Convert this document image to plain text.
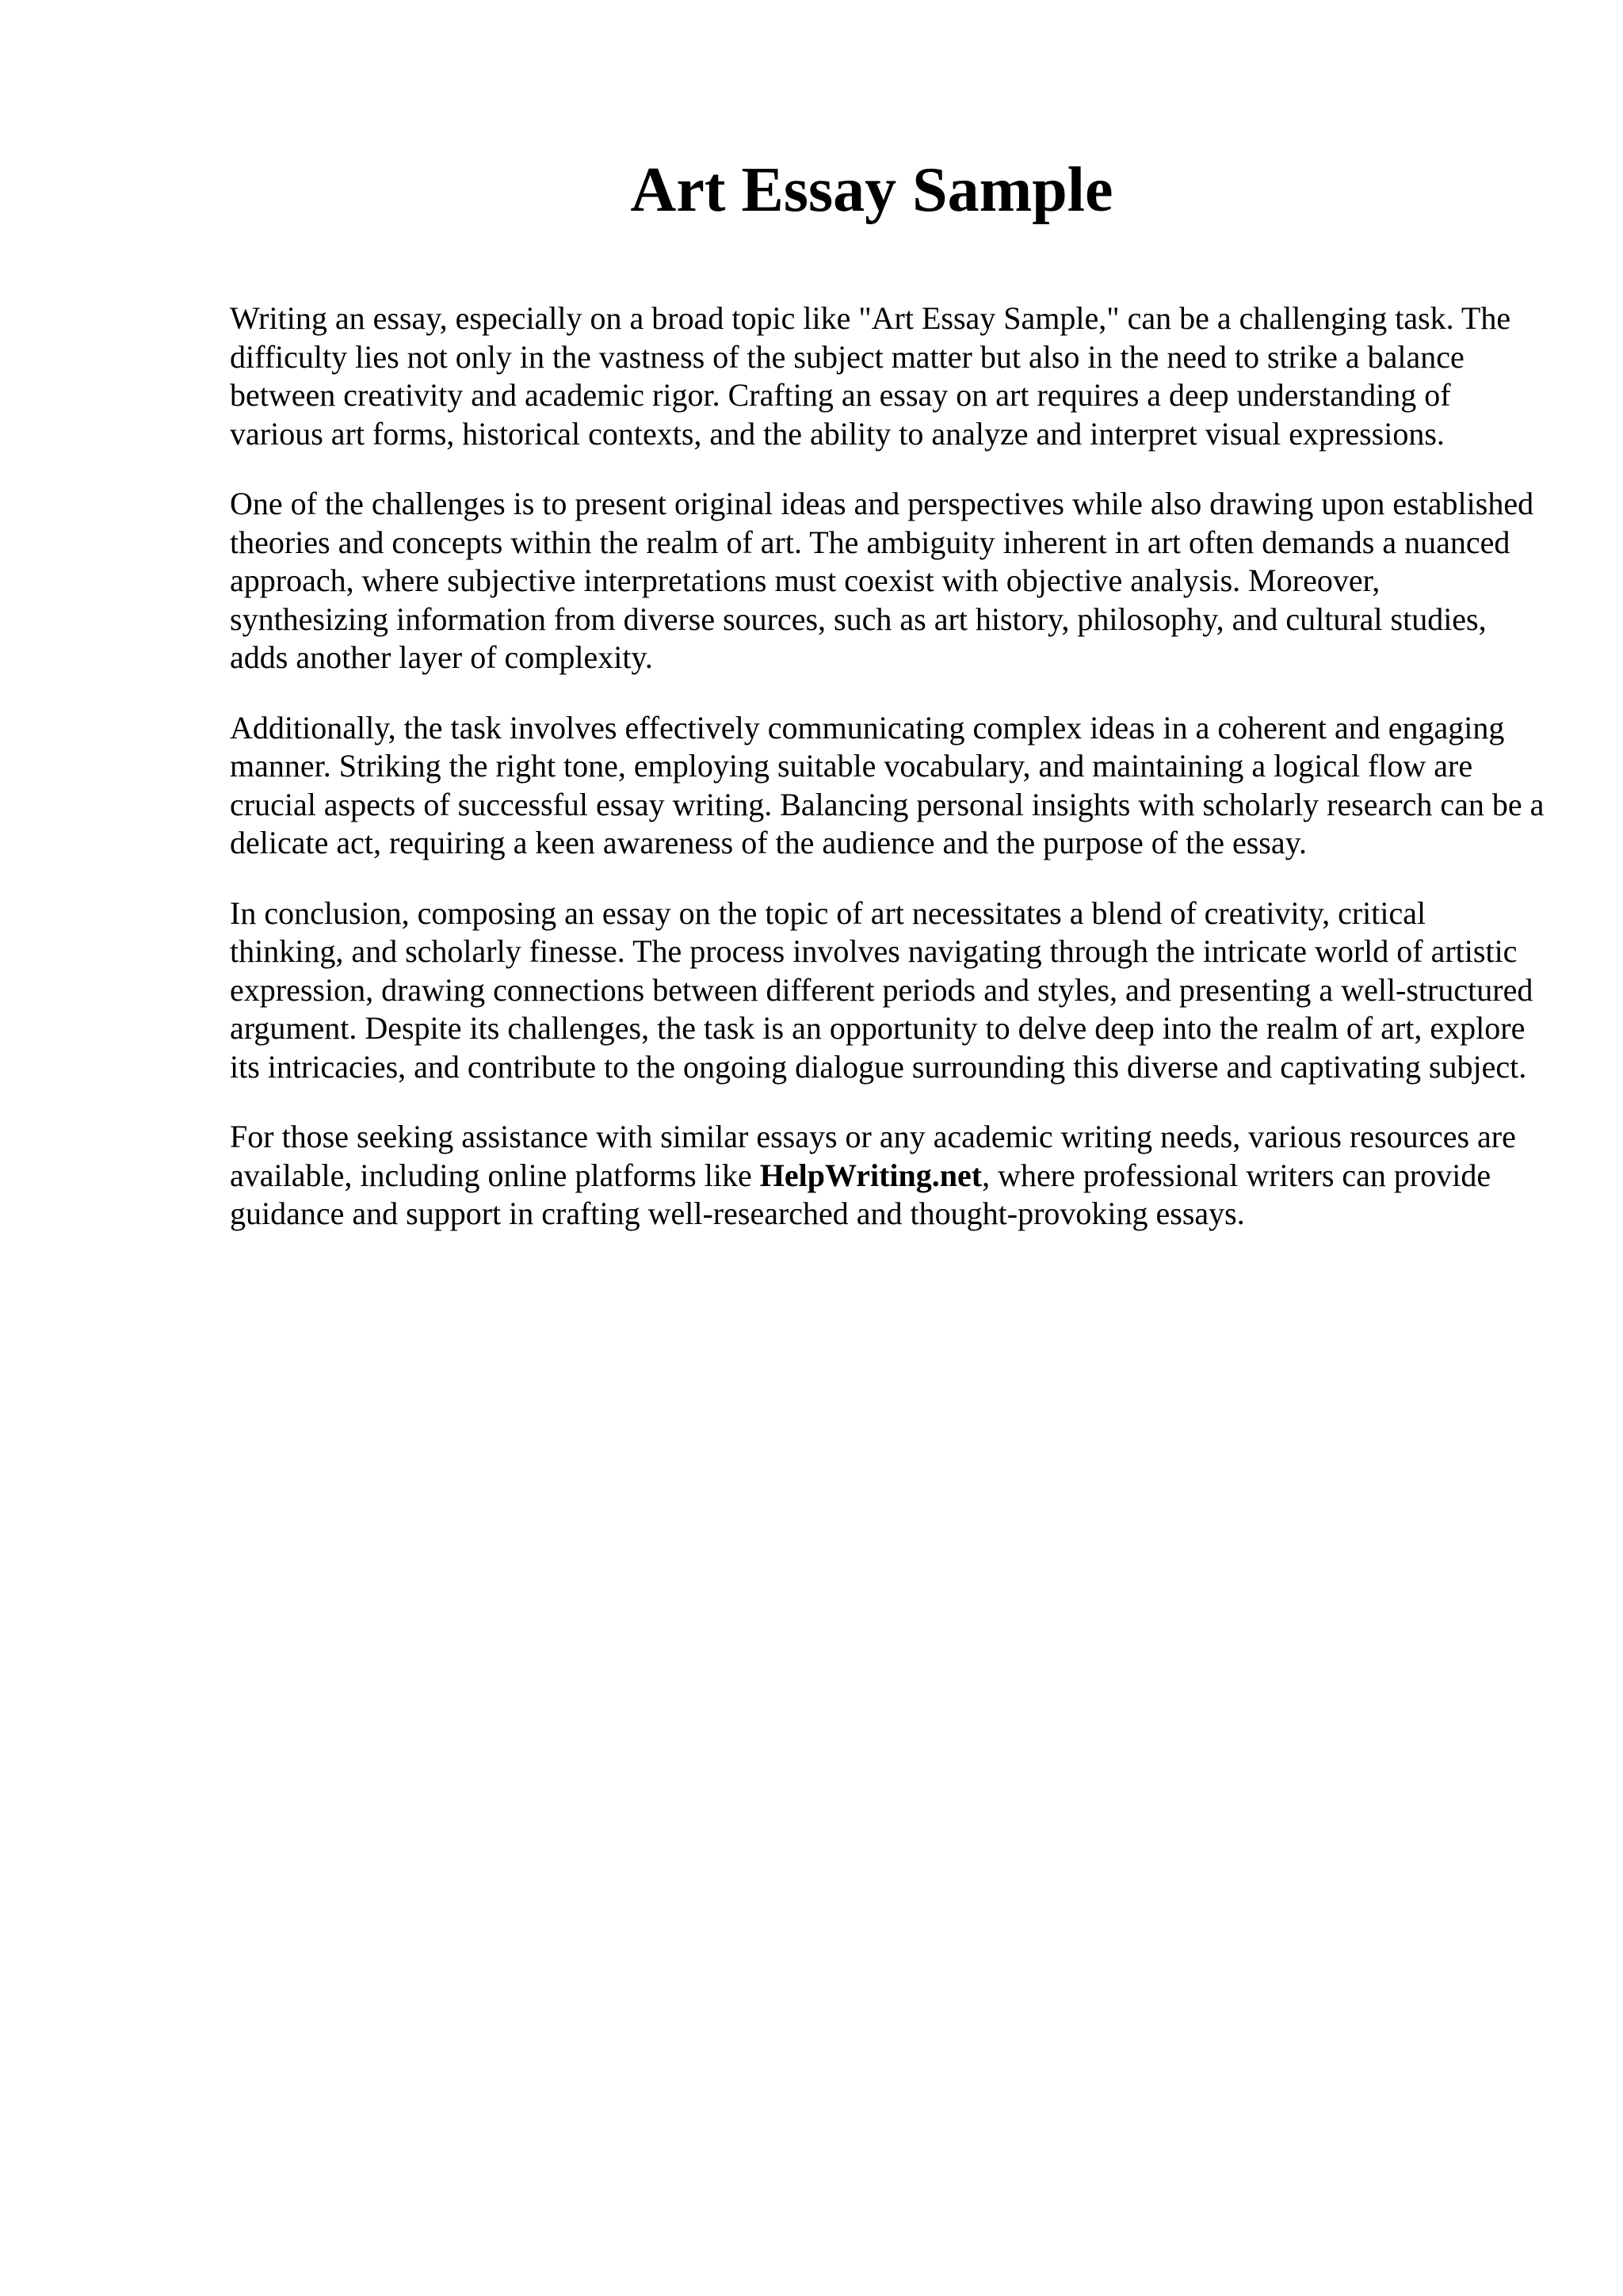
Art Essay Sample

Writing an essay, especially on a broad topic like "Art Essay Sample," can be a challenging task. The difficulty lies not only in the vastness of the subject matter but also in the need to strike a balance between creativity and academic rigor. Crafting an essay on art requires a deep understanding of various art forms, historical contexts, and the ability to analyze and interpret visual expressions.

One of the challenges is to present original ideas and perspectives while also drawing upon established theories and concepts within the realm of art. The ambiguity inherent in art often demands a nuanced approach, where subjective interpretations must coexist with objective analysis. Moreover, synthesizing information from diverse sources, such as art history, philosophy, and cultural studies, adds another layer of complexity.

Additionally, the task involves effectively communicating complex ideas in a coherent and engaging manner. Striking the right tone, employing suitable vocabulary, and maintaining a logical flow are crucial aspects of successful essay writing. Balancing personal insights with scholarly research can be a delicate act, requiring a keen awareness of the audience and the purpose of the essay.

In conclusion, composing an essay on the topic of art necessitates a blend of creativity, critical thinking, and scholarly finesse. The process involves navigating through the intricate world of artistic expression, drawing connections between different periods and styles, and presenting a well-structured argument. Despite its challenges, the task is an opportunity to delve deep into the realm of art, explore its intricacies, and contribute to the ongoing dialogue surrounding this diverse and captivating subject.

For those seeking assistance with similar essays or any academic writing needs, various resources are available, including online platforms like HelpWriting.net, where professional writers can provide guidance and support in crafting well-researched and thought-provoking essays.
